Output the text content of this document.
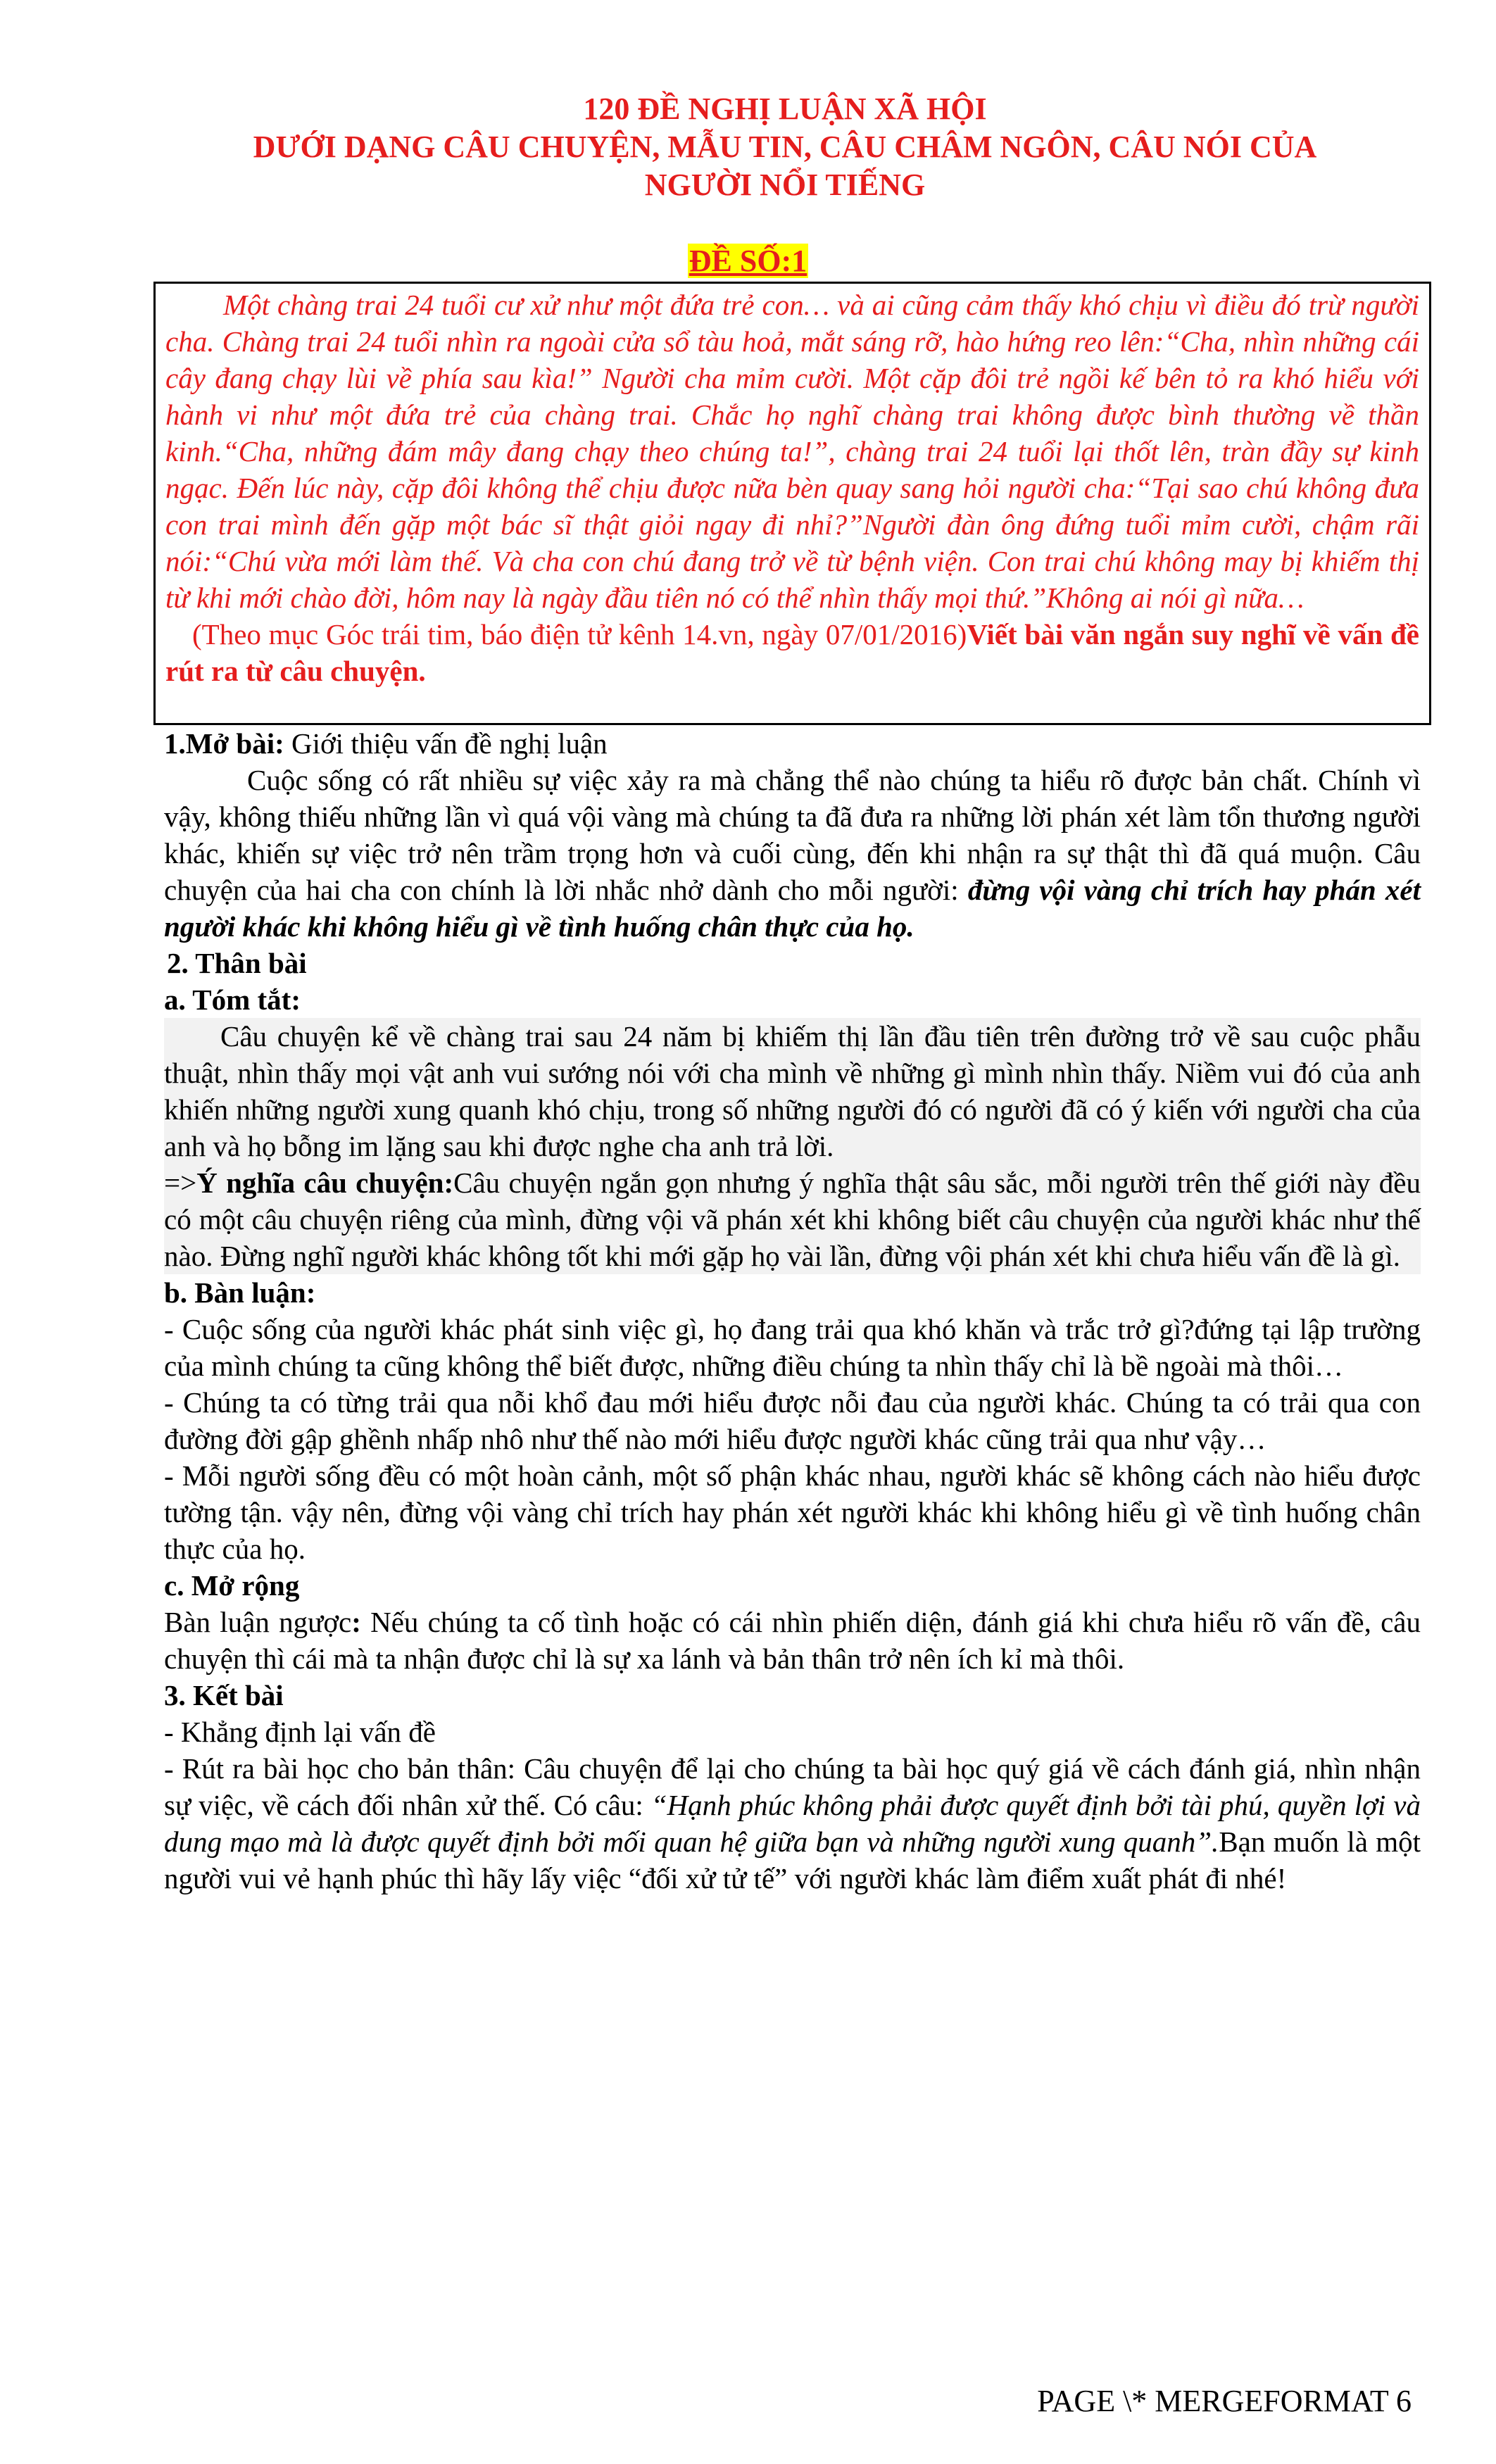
120 ĐỀ NGHỊ LUẬN XÃ HỘI
DƯỚI DẠNG CÂU CHUYỆN, MẪU TIN, CÂU CHÂM NGÔN, CÂU NÓI CỦA
NGƯỜI NỔI TIẾNG
ĐỀ SỐ:1

Một chàng trai 24 tuổi cư xử như một đứa trẻ con… và ai cũng cảm thấy khó chịu vì điều đó trừ người cha. Chàng trai 24 tuổi nhìn ra ngoài cửa sổ tàu hoả, mắt sáng rỡ, hào hứng reo lên:“Cha, nhìn những cái cây đang chạy lùi về phía sau kìa!” Người cha mỉm cười. Một cặp đôi trẻ ngồi kế bên tỏ ra khó hiểu với hành vi như một đứa trẻ của chàng trai. Chắc họ nghĩ chàng trai không được bình thường về thần kinh.“Cha, những đám mây đang chạy theo chúng ta!”, chàng trai 24 tuổi lại thốt lên, tràn đầy sự kinh ngạc. Đến lúc này, cặp đôi không thể chịu được nữa bèn quay sang hỏi người cha:“Tại sao chú không đưa con trai mình đến gặp một bác sĩ thật giỏi ngay đi nhỉ?”Người đàn ông đứng tuổi mỉm cười, chậm rãi nói:“Chú vừa mới làm thế. Và cha con chú đang trở về từ bệnh viện. Con trai chú không may bị khiếm thị từ khi mới chào đời, hôm nay là ngày đầu tiên nó có thể nhìn thấy mọi thứ.”Không ai nói gì nữa…

(Theo mục Góc trái tim, báo điện tử kênh 14.vn, ngày 07/01/2016)Viết bài văn ngắn suy nghĩ về vấn đề rút ra từ câu chuyện.

1.Mở bài: Giới thiệu vấn đề nghị luận

Cuộc sống có rất nhiều sự việc xảy ra mà chẳng thể nào chúng ta hiểu rõ được bản chất. Chính vì vậy, không thiếu những lần vì quá vội vàng mà chúng ta đã đưa ra những lời phán xét làm tổn thương người khác, khiến sự việc trở nên trầm trọng hơn và cuối cùng, đến khi nhận ra sự thật thì đã quá muộn. Câu chuyện của hai cha con chính là lời nhắc nhở dành cho mỗi người: đừng vội vàng chỉ trích hay phán xét người khác khi không hiểu gì về tình huống chân thực của họ.

2. Thân bài

a. Tóm tắt:

Câu chuyện kể về chàng trai sau 24 năm bị khiếm thị lần đầu tiên trên đường trở về sau cuộc phẫu thuật, nhìn thấy mọi vật anh vui sướng nói với cha mình về những gì mình nhìn thấy. Niềm vui đó của anh khiến những người xung quanh khó chịu, trong số những người đó có người đã có ý kiến với người cha của anh và họ bỗng im lặng sau khi được nghe cha anh trả lời.

=>Ý nghĩa câu chuyện:Câu chuyện ngắn gọn nhưng ý nghĩa thật sâu sắc, mỗi người trên thế giới này đều có một câu chuyện riêng của mình, đừng vội vã phán xét khi không biết câu chuyện của người khác như thế nào. Đừng nghĩ người khác không tốt khi mới gặp họ vài lần, đừng vội phán xét khi chưa hiểu vấn đề là gì.

b. Bàn luận:

- Cuộc sống của người khác phát sinh việc gì, họ đang trải qua khó khăn và trắc trở gì?đứng tại lập trường của mình chúng ta cũng không thể biết được, những điều chúng ta nhìn thấy chỉ là bề ngoài mà thôi…

- Chúng ta có từng trải qua nỗi khổ đau mới hiểu được nỗi đau của người khác. Chúng ta có trải qua con đường đời gập ghềnh nhấp nhô như thế nào mới hiểu được người khác cũng trải qua như vậy…

- Mỗi người sống đều có một hoàn cảnh, một số phận khác nhau, người khác sẽ không cách nào hiểu được tường tận. vậy nên, đừng vội vàng chỉ trích hay phán xét người khác khi không hiểu gì về tình huống chân thực của họ.

c. Mở rộng

Bàn luận ngược: Nếu chúng ta cố tình hoặc có cái nhìn phiến diện, đánh giá khi chưa hiểu rõ vấn đề, câu chuyện thì cái mà ta nhận được chỉ là sự xa lánh và bản thân trở nên ích kỉ mà thôi.

3. Kết bài

- Khẳng định lại vấn đề

- Rút ra bài học cho bản thân: Câu chuyện để lại cho chúng ta bài học quý giá về cách đánh giá, nhìn nhận sự việc, về cách đối nhân xử thế. Có câu: “Hạnh phúc không phải được quyết định bởi tài phú, quyền lợi và dung mạo mà là được quyết định bởi mối quan hệ giữa bạn và những người xung quanh”.Bạn muốn là một người vui vẻ hạnh phúc thì hãy lấy việc “đối xử tử tế” với người khác làm điểm xuất phát đi nhé!

PAGE \* MERGEFORMAT 6
